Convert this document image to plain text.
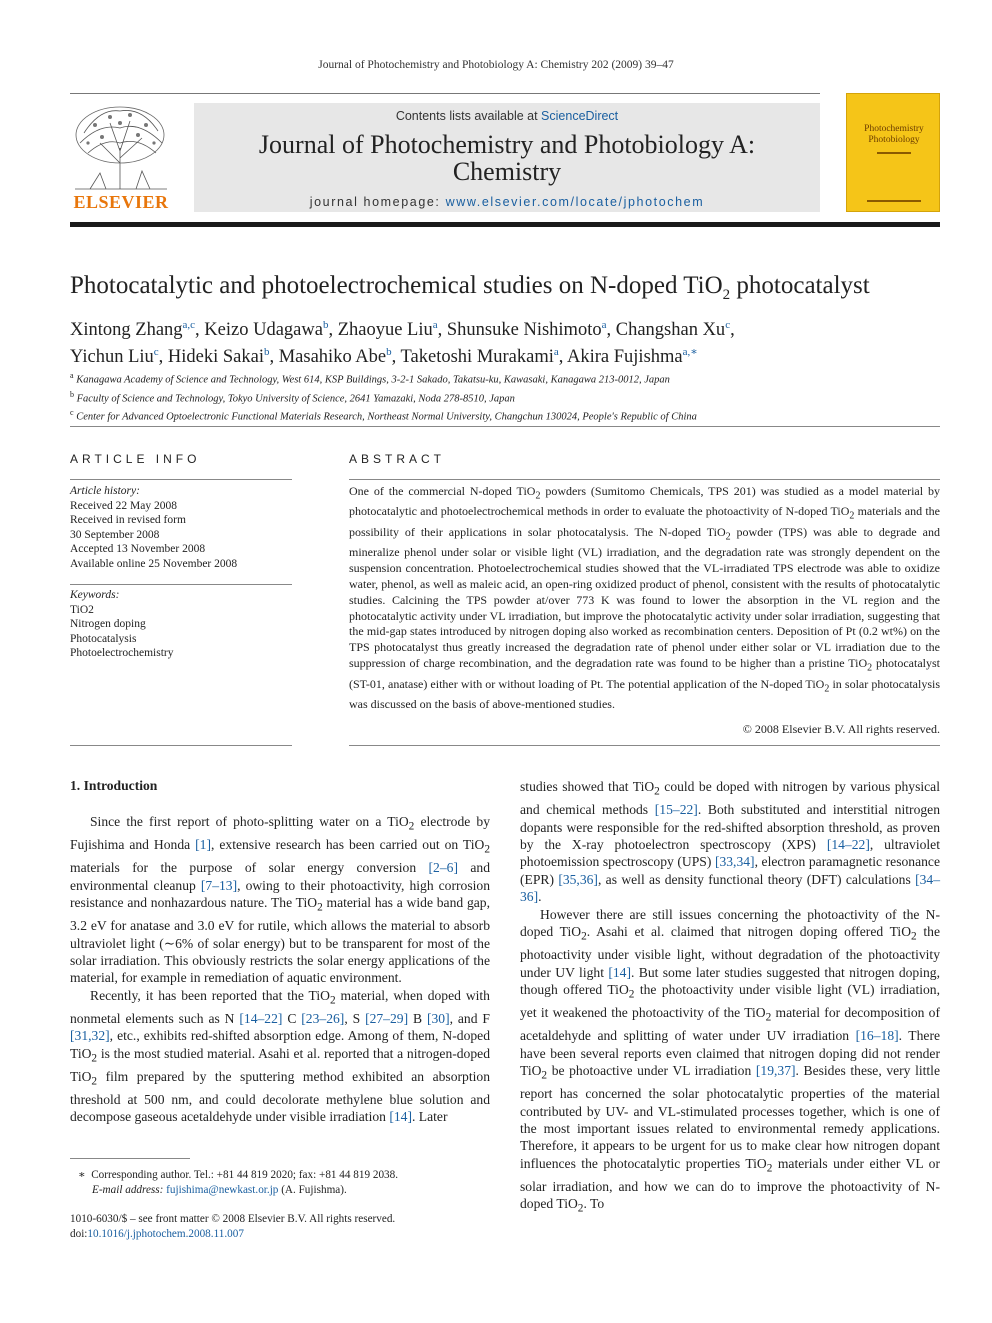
Journal of Photochemistry and Photobiology A: Chemistry 202 (2009) 39–47
ELSEVIER
Contents lists available at ScienceDirect
Journal of Photochemistry and Photobiology A:
Chemistry
journal homepage: www.elsevier.com/locate/jphotochem
Photochemistry
Photobiology
Photocatalytic and photoelectrochemical studies on N-doped TiO$_2$ photocatalyst
Xintong Zhang$^{a,c}$, Keizo Udagawa$^b$, Zhaoyue Liu$^a$, Shunsuke Nishimoto$^a$, Changshan Xu$^c$,
Yichun Liu$^c$, Hideki Sakai$^b$, Masahiko Abe$^b$, Taketoshi Murakami$^a$, Akira Fujishma$^{a,∗}$
$^a$ Kanagawa Academy of Science and Technology, West 614, KSP Buildings, 3-2-1 Sakado, Takatsu-ku, Kawasaki, Kanagawa 213-0012, Japan
$^b$ Faculty of Science and Technology, Tokyo University of Science, 2641 Yamazaki, Noda 278-8510, Japan
$^c$ Center for Advanced Optoelectronic Functional Materials Research, Northeast Normal University, Changchun 130024, People's Republic of China
ARTICLE INFO
Article history:
Received 22 May 2008
Received in revised form
30 September 2008
Accepted 13 November 2008
Available online 25 November 2008
Keywords:
TiO2
Nitrogen doping
Photocatalysis
Photoelectrochemistry
ABSTRACT
One of the commercial N-doped TiO$_2$ powders (Sumitomo Chemicals, TPS 201) was studied as a model material by photocatalytic and photoelectrochemical methods in order to evaluate the photoactivity of N-doped TiO$_2$ materials and the possibility of their applications in solar photocatalysis. The N-doped TiO$_2$ powder (TPS) was able to degrade and mineralize phenol under solar or visible light (VL) irradiation, and the degradation rate was strongly dependent on the suspension concentration. Photoelectrochemical studies showed that the VL-irradiated TPS electrode was able to oxidize water, phenol, as well as maleic acid, an open-ring oxidized product of phenol, consistent with the results of photocatalytic studies. Calcining the TPS powder at/over 773 K was found to lower the absorption in the VL region and the photocatalytic activity under VL irradiation, but improve the photocatalytic activity under solar irradiation, suggesting that the mid-gap states introduced by nitrogen doping also worked as recombination centers. Deposition of Pt (0.2 wt%) on the TPS photocatalyst thus greatly increased the degradation rate of phenol under either solar or VL irradiation due to the suppression of charge recombination, and the degradation rate was found to be higher than a pristine TiO$_2$ photocatalyst (ST-01, anatase) either with or without loading of Pt. The potential application of the N-doped TiO$_2$ in solar photocatalysis was discussed on the basis of above-mentioned studies.
© 2008 Elsevier B.V. All rights reserved.
1. Introduction

Since the first report of photo-splitting water on a TiO$_2$ electrode by Fujishima and Honda [1], extensive research has been carried out on TiO$_2$ materials for the purpose of solar energy conversion [2–6] and environmental cleanup [7–13], owing to their photoactivity, high corrosion resistance and nonhazardous nature. The TiO$_2$ material has a wide band gap, 3.2 eV for anatase and 3.0 eV for rutile, which allows the material to absorb ultraviolet light (∼6% of solar energy) but to be transparent for most of the solar irradiation. This obviously restricts the solar energy applications of the material, for example in remediation of aquatic environment.

Recently, it has been reported that the TiO$_2$ material, when doped with nonmetal elements such as N [14–22] C [23–26], S [27–29] B [30], and F [31,32], etc., exhibits red-shifted absorption edge. Among of them, N-doped TiO$_2$ is the most studied material. Asahi et al. reported that a nitrogen-doped TiO$_2$ film prepared by the sputtering method exhibited an absorption threshold at 500 nm, and could decolorate methylene blue solution and decompose gaseous acetaldehyde under visible irradiation [14]. Later

studies showed that TiO$_2$ could be doped with nitrogen by various physical and chemical methods [15–22]. Both substituted and interstitial nitrogen dopants were responsible for the red-shifted absorption threshold, as proven by the X-ray photoelectron spectroscopy (XPS) [14–22], ultraviolet photoemission spectroscopy (UPS) [33,34], electron paramagnetic resonance (EPR) [35,36], as well as density functional theory (DFT) calculations [34–36].

However there are still issues concerning the photoactivity of the N-doped TiO$_2$. Asahi et al. claimed that nitrogen doping offered TiO$_2$ the photoactivity under visible light, without degradation of the photoactivity under UV light [14]. But some later studies suggested that nitrogen doping, though offered TiO$_2$ the photoactivity under visible light (VL) irradiation, yet it weakened the photoactivity of the TiO$_2$ material for decomposition of acetaldehyde and splitting of water under UV irradiation [16–18]. There have been several reports even claimed that nitrogen doping did not render TiO$_2$ be photoactive under VL irradiation [19,37]. Besides these, very little report has concerned the solar photocatalytic properties of the material contributed by UV- and VL-stimulated processes together, which is one of the most important issues related to environmental remedy applications. Therefore, it appears to be urgent for us to make clear how nitrogen dopant influences the photocatalytic properties TiO$_2$ materials under either VL or solar irradiation, and how we can do to improve the photoactivity of N-doped TiO$_2$. To

∗  Corresponding author. Tel.: +81 44 819 2020; fax: +81 44 819 2038.
E-mail address: fujishima@newkast.or.jp (A. Fujishma).
1010-6030/$ – see front matter © 2008 Elsevier B.V. All rights reserved.
doi:10.1016/j.jphotochem.2008.11.007
